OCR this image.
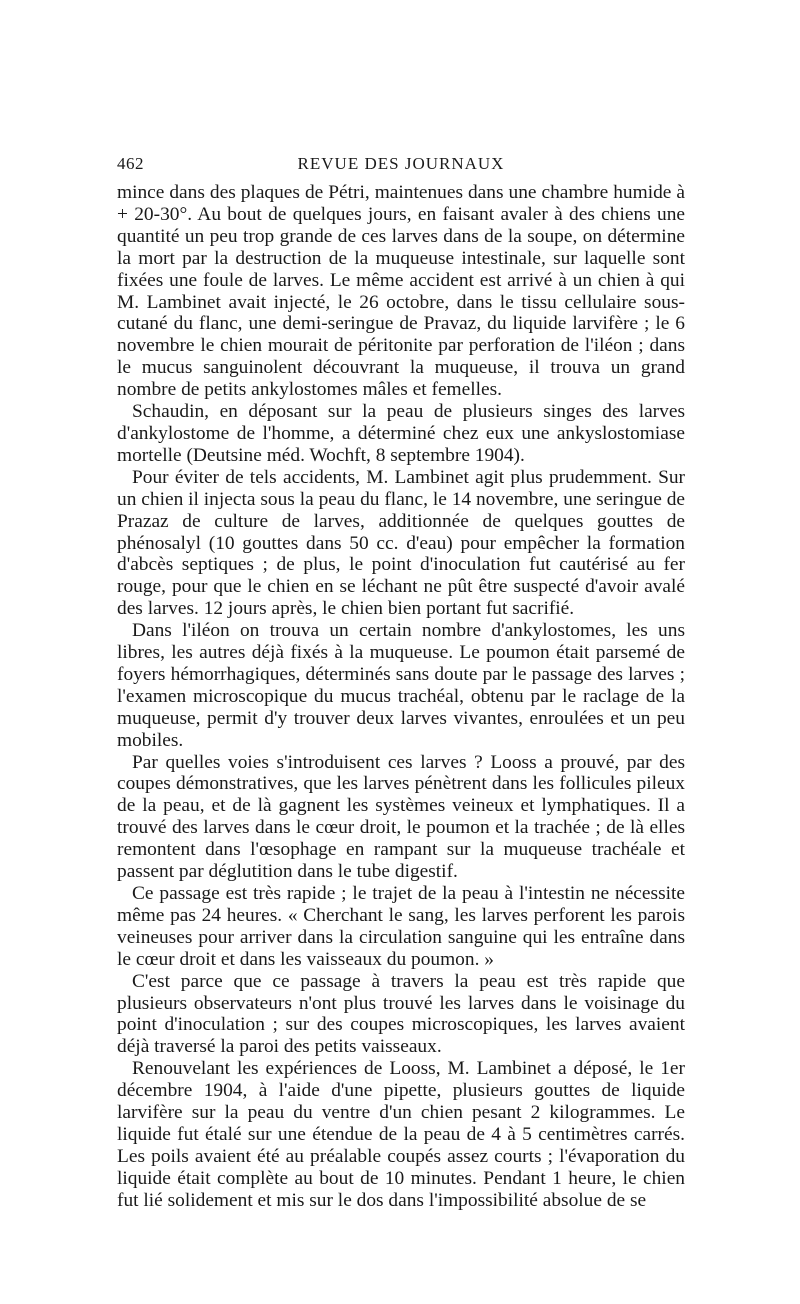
462	REVUE DES JOURNAUX

mince dans des plaques de Pétri, maintenues dans une chambre humide à + 20-30°. Au bout de quelques jours, en faisant avaler à des chiens une quantité un peu trop grande de ces larves dans de la soupe, on détermine la mort par la destruction de la muqueuse intestinale, sur laquelle sont fixées une foule de larves. Le même accident est arrivé à un chien à qui M. Lambinet avait injecté, le 26 octobre, dans le tissu cellulaire sous-cutané du flanc, une demi-seringue de Pravaz, du liquide larvifère ; le 6 novembre le chien mourait de péritonite par perforation de l'iléon ; dans le mucus sanguinolent découvrant la muqueuse, il trouva un grand nombre de petits ankylostomes mâles et femelles.

Schaudin, en déposant sur la peau de plusieurs singes des larves d'ankylostome de l'homme, a déterminé chez eux une ankyslostomiase mortelle (Deutsine méd. Wochft, 8 septembre 1904).

Pour éviter de tels accidents, M. Lambinet agit plus prudemment. Sur un chien il injecta sous la peau du flanc, le 14 novembre, une seringue de Prazaz de culture de larves, additionnée de quelques gouttes de phénosalyl (10 gouttes dans 50 cc. d'eau) pour empêcher la formation d'abcès septiques ; de plus, le point d'inoculation fut cautérisé au fer rouge, pour que le chien en se léchant ne pût être suspecté d'avoir avalé des larves. 12 jours après, le chien bien portant fut sacrifié.

Dans l'iléon on trouva un certain nombre d'ankylostomes, les uns libres, les autres déjà fixés à la muqueuse. Le poumon était parsemé de foyers hémorrhagiques, déterminés sans doute par le passage des larves ; l'examen microscopique du mucus trachéal, obtenu par le raclage de la muqueuse, permit d'y trouver deux larves vivantes, enroulées et un peu mobiles.

Par quelles voies s'introduisent ces larves ? Looss a prouvé, par des coupes démonstratives, que les larves pénètrent dans les follicules pileux de la peau, et de là gagnent les systèmes veineux et lymphatiques. Il a trouvé des larves dans le cœur droit, le poumon et la trachée ; de là elles remontent dans l'œsophage en rampant sur la muqueuse trachéale et passent par déglutition dans le tube digestif.

Ce passage est très rapide ; le trajet de la peau à l'intestin ne nécessite même pas 24 heures. « Cherchant le sang, les larves perforent les parois veineuses pour arriver dans la circulation sanguine qui les entraîne dans le cœur droit et dans les vaisseaux du poumon. »

C'est parce que ce passage à travers la peau est très rapide que plusieurs observateurs n'ont plus trouvé les larves dans le voisinage du point d'inoculation ; sur des coupes microscopiques, les larves avaient déjà traversé la paroi des petits vaisseaux.

Renouvelant les expériences de Looss, M. Lambinet a déposé, le 1er décembre 1904, à l'aide d'une pipette, plusieurs gouttes de liquide larvifère sur la peau du ventre d'un chien pesant 2 kilogrammes. Le liquide fut étalé sur une étendue de la peau de 4 à 5 centimètres carrés. Les poils avaient été au préalable coupés assez courts ; l'évaporation du liquide était complète au bout de 10 minutes. Pendant 1 heure, le chien fut lié solidement et mis sur le dos dans l'impossibilité absolue de se
